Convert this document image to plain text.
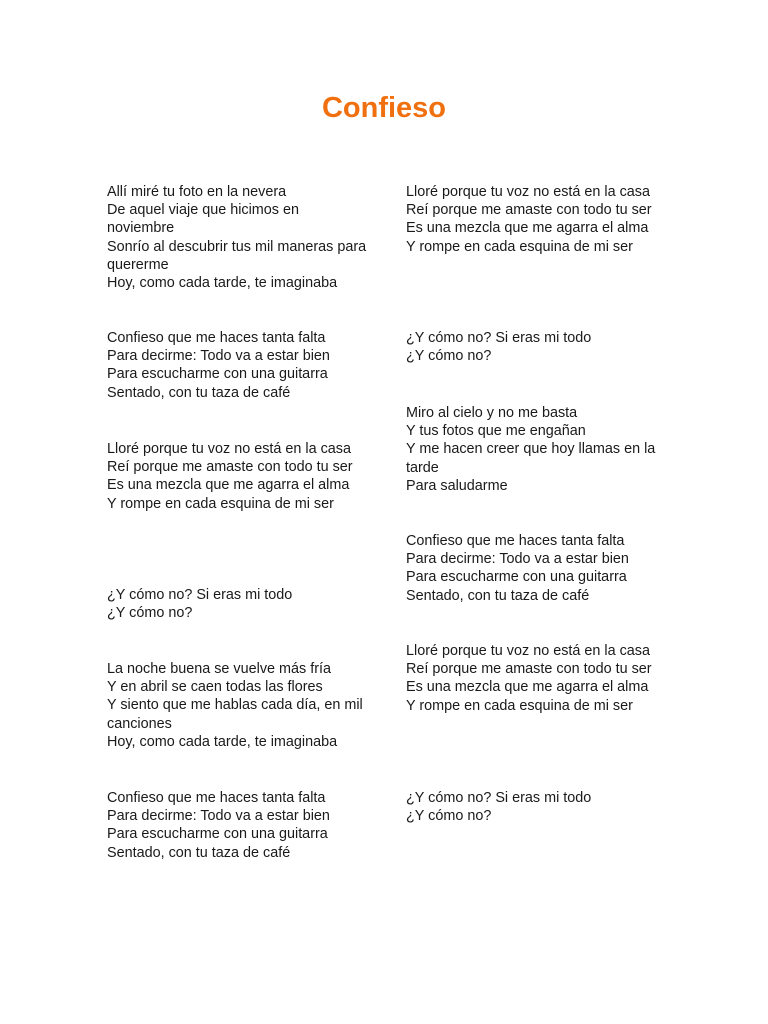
Confieso

Allí miré tu foto en la nevera
De aquel viaje que hicimos en noviembre
Sonrío al descubrir tus mil maneras para quererme
Hoy, como cada tarde, te imaginaba

Confieso que me haces tanta falta
Para decirme: Todo va a estar bien
Para escucharme con una guitarra
Sentado, con tu taza de café

Lloré porque tu voz no está en la casa
Reí porque me amaste con todo tu ser
Es una mezcla que me agarra el alma
Y rompe en cada esquina de mi ser

¿Y cómo no? Si eras mi todo
¿Y cómo no?

La noche buena se vuelve más fría
Y en abril se caen todas las flores
Y siento que me hablas cada día, en mil canciones
Hoy, como cada tarde, te imaginaba

Confieso que me haces tanta falta
Para decirme: Todo va a estar bien
Para escucharme con una guitarra
Sentado, con tu taza de café

Lloré porque tu voz no está en la casa
Reí porque me amaste con todo tu ser
Es una mezcla que me agarra el alma
Y rompe en cada esquina de mi ser

¿Y cómo no? Si eras mi todo
¿Y cómo no?

Miro al cielo y no me basta
Y tus fotos que me engañan
Y me hacen creer que hoy llamas en la tarde
Para saludarme

Confieso que me haces tanta falta
Para decirme: Todo va a estar bien
Para escucharme con una guitarra
Sentado, con tu taza de café

Lloré porque tu voz no está en la casa
Reí porque me amaste con todo tu ser
Es una mezcla que me agarra el alma
Y rompe en cada esquina de mi ser

¿Y cómo no? Si eras mi todo
¿Y cómo no?
